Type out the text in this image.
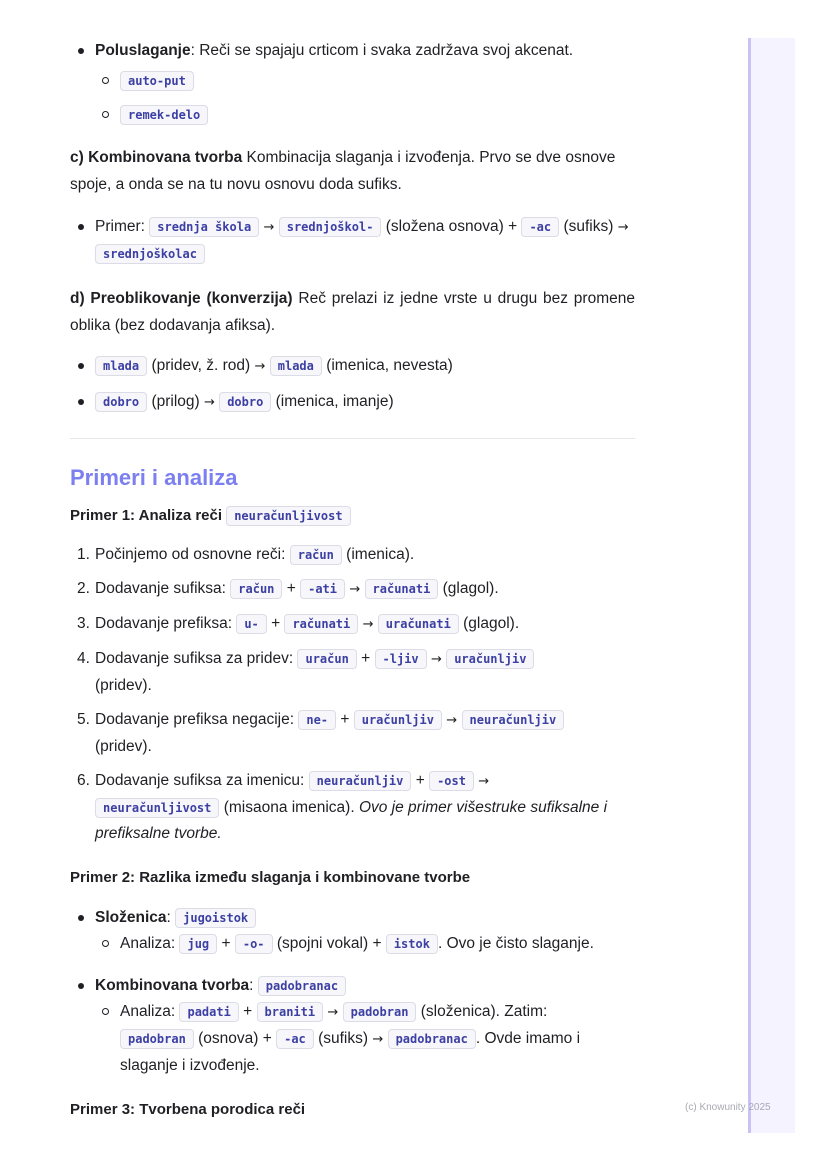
(c) Knowunity 2025
Poluslaganje: Reči se spajaju crticom i svaka zadržava svoj akcenat.
auto-put
remek-delo

c) Kombinovana tvorba Kombinacija slaganja i izvođenja. Prvo se dve osnove spoje, a onda se na tu novu osnovu doda sufiks.

Primer: srednja škola → srednjoškol- (složena osnova) + -ac (sufiks) → srednjoškolac

d) Preoblikovanje (konverzija) Reč prelazi iz jedne vrste u drugu bez promene oblika (bez dodavanja afiksa).

mlada (pridev, ž. rod) → mlada (imenica, nevesta)
dobro (prilog) → dobro (imenica, imanje)
Primeri i analiza

Primer 1: Analiza reči neuračunljivost

1. Počinjemo od osnovne reči: račun (imenica).
2. Dodavanje sufiksa: račun + -ati → računati (glagol).
3. Dodavanje prefiksa: u- + računati → uračunati (glagol).
4. Dodavanje sufiksa za pridev: uračun + -ljiv → uračunljiv
(pridev).
5. Dodavanje prefiksa negacije: ne- + uračunljiv → neuračunljiv
(pridev).
6. Dodavanje sufiksa za imenicu: neuračunljiv + -ost →
neuračunljivost (misaona imenica). Ovo je primer višestruke sufiksalne i prefiksalne tvorbe.

Primer 2: Razlika između slaganja i kombinovane tvorbe

Složenica: jugoistok
Analiza: jug + -o- (spojni vokal) + istok . Ovo je čisto slaganje.
Kombinovana tvorba: padobranac
Analiza: padati + braniti → padobran (složenica). Zatim:
padobran (osnova) + -ac (sufiks) → padobranac . Ovde imamo i slaganje i izvođenje.

Primer 3: Tvorbena porodica reči
